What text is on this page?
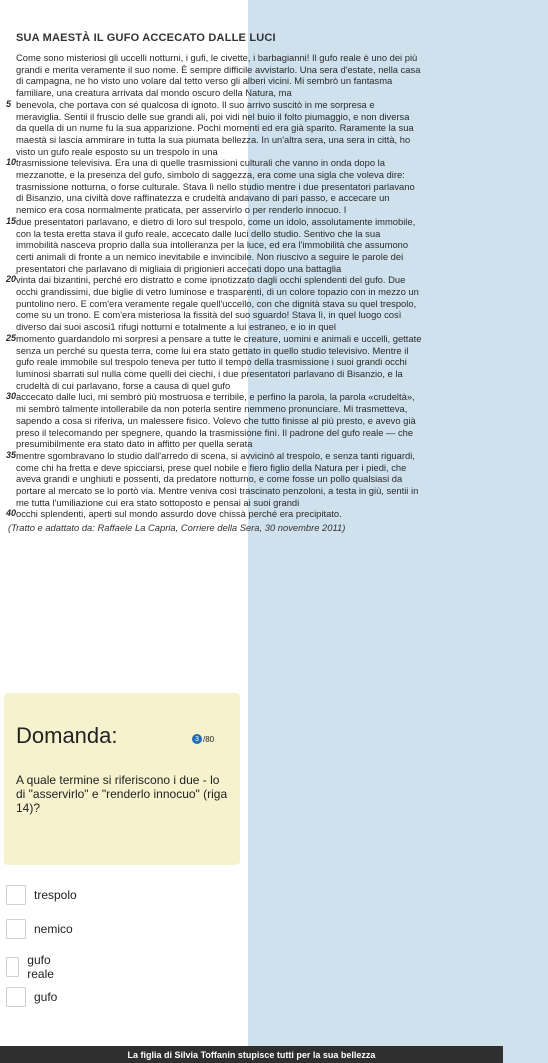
SUA MAESTÀ IL GUFO ACCECATO DALLE LUCI
Come sono misteriosi gli uccelli notturni, i gufi, le civette, i barbagianni! Il gufo reale è uno dei più
grandi e merita veramente il suo nome. È sempre difficile avvistarlo. Una sera d'estate, nella casa
di campagna, ne ho visto uno volare dal tetto verso gli alberi vicini. Mi sembrò un fantasma
familiare, una creatura arrivata dal mondo oscuro della Natura, ma
5 benevola, che portava con sé qualcosa di ignoto. Il suo arrivo suscitò in me sorpresa e
meraviglia. Sentii il fruscio delle sue grandi ali, poi vidi nel buio il folto piumaggio, e non diversa
da quella di un nume fu la sua apparizione. Pochi momenti ed era già sparito. Raramente la sua
maestà si lascia ammirare in tutta la sua piumata bellezza. In un'altra sera, una sera in città, ho
visto un gufo reale esposto su un trespolo in una
10 trasmissione televisiva. Era una di quelle trasmissioni culturali che vanno in onda dopo la
mezzanotte, e la presenza del gufo, simbolo di saggezza, era come una sigla che voleva dire:
trasmissione notturna, o forse culturale. Stava lì nello studio mentre i due presentatori parlavano
di Bisanzio, una civiltà dove raffinatezza e crudeltà andavano di pari passo, e accecare un
nemico era cosa normalmente praticata, per asservirlo o per renderlo innocuo. I
15 due presentatori parlavano, e dietro di loro sul trespolo, come un idolo, assolutamente immobile,
con la testa eretta stava il gufo reale, accecato dalle luci dello studio. Sentivo che la sua
immobilità nasceva proprio dalla sua intolleranza per la luce, ed era l'immobilità che assumono
certi animali di fronte a un nemico inevitabile e invincibile. Non riuscivo a seguire le parole dei
presentatori che parlavano di migliaia di prigionieri accecati dopo una battaglia
20 vinta dai bizantini, perché ero distratto e come ipnotizzato dagli occhi splendenti del gufo. Due
occhi grandissimi, due biglie di vetro luminose e trasparenti, di un colore topazio con in mezzo un
puntolino nero. E com'era veramente regale quell'uccello, con che dignità stava su quel trespolo,
come su un trono. E com'era misteriosa la fissità del suo sguardo! Stava lì, in quel luogo così
diverso dai suoi ascosi1 rifugi notturni e totalmente a lui estraneo, e io in quel
25 momento guardandolo mi sorpresi a pensare a tutte le creature, uomini e animali e uccelli, gettate
senza un perché su questa terra, come lui era stato gettato in quello studio televisivo. Mentre il
gufo reale immobile sul trespolo teneva per tutto il tempo della trasmissione i suoi grandi occhi
luminosi sbarrati sul nulla come quelli dei ciechi, i due presentatori parlavano di Bisanzio, e la
crudeltà di cui parlavano, forse a causa di quel gufo
30 accecato dalle luci, mi sembrò più mostruosa e terribile, e perfino la parola, la parola «crudeltà»,
mi sembrò talmente intollerabile da non poterla sentire nemmeno pronunciare. Mi trasmetteva,
sapendo a cosa si riferiva, un malessere fisico. Volevo che tutto finisse al più presto, e avevo già
preso il telecomando per spegnere, quando la trasmissione finì. Il padrone del gufo reale — che
presumibilmente era stato dato in affitto per quella serata
35 mentre sgombravano lo studio dall'arredo di scena, si avvicinò al trespolo, e senza tanti riguardi,
come chi ha fretta e deve spicciarsi, prese quel nobile e fiero figlio della Natura per i piedi, che
aveva grandi e unghiuti e possenti, da predatore notturno, e come fosse un pollo qualsiasi da
portare al mercato se lo portò via. Mentre veniva così trascinato penzoloni, a testa in giù, sentii in
me tutta l'umiliazione cui era stato sottoposto e pensai ai suoi grandi
40 occhi splendenti, aperti sul mondo assurdo dove chissà perché era precipitato.
(Tratto e adattato da: Raffaele La Capria, Corriere della Sera, 30 novembre 2011)
Domanda:	3 /80
A quale termine si riferiscono i due - lo di "asservirlo" e "renderlo innocuo" (riga 14)?
trespolo
nemico
gufo reale
gufo
La figlia di Silvia Toffanin stupisce tutti per la sua bellezza
